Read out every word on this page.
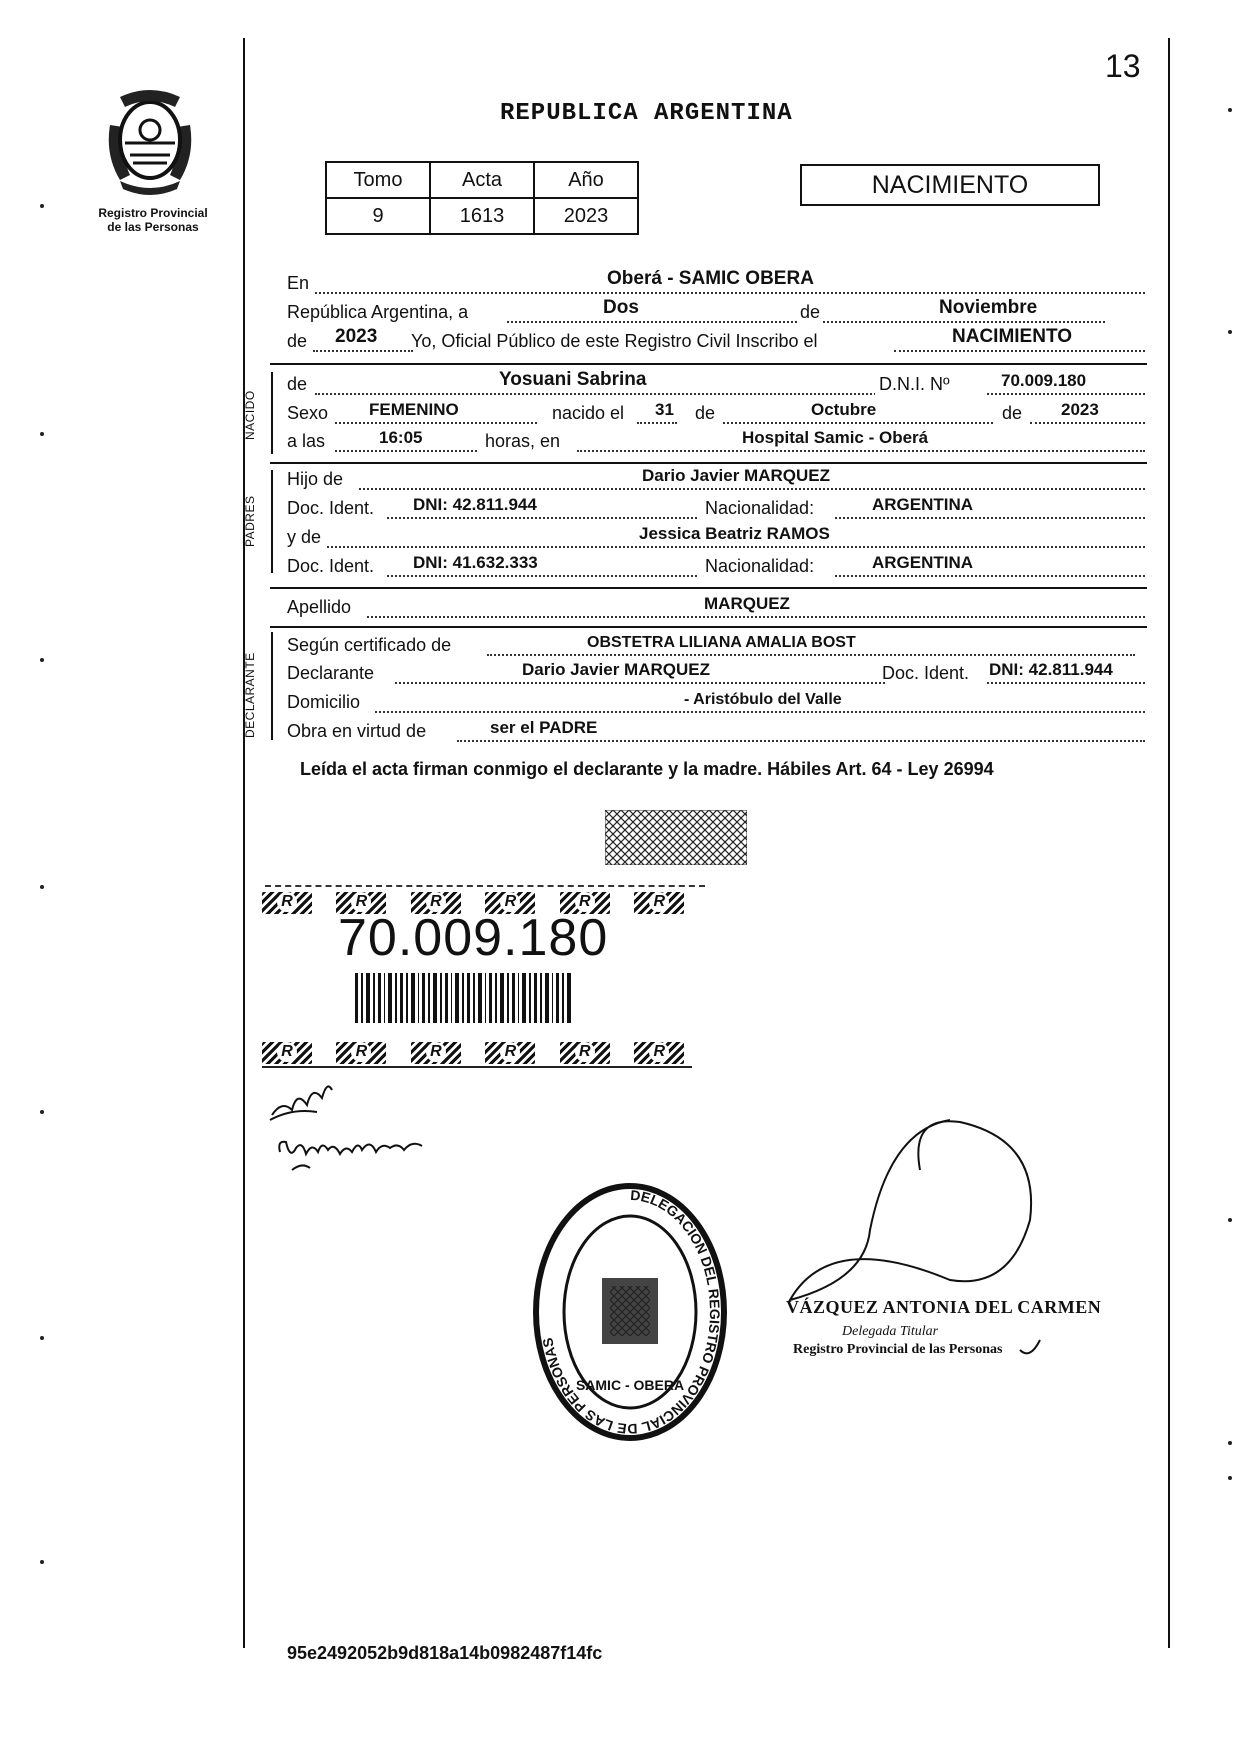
13
Registro Provincial
de las Personas
REPUBLICA ARGENTINA
Tomo	Acta	Año
9	1613	2023
NACIMIENTO
En	Oberá - SAMIC OBERA
República Argentina, a	Dos	de	Noviembre
de 2023 Yo, Oficial Público de este Registro Civil Inscribo el	NACIMIENTO
NACIDO
de	Yosuani Sabrina	D.N.I. Nº	70.009.180
Sexo FEMENINO	nacido el 31 de	Octubre	de 2023
a las	16:05	horas, en	Hospital Samic - Oberá
PADRES
Hijo de	Dario Javier MARQUEZ
Doc. Ident. DNI: 42.811.944	Nacionalidad:	ARGENTINA
y de	Jessica Beatriz RAMOS
Doc. Ident. DNI: 41.632.333	Nacionalidad:	ARGENTINA
Apellido	MARQUEZ
DECLARANTE
Según certificado de	OBSTETRA LILIANA AMALIA BOST
Declarante	Dario Javier MARQUEZ	Doc. Ident. DNI: 42.811.944
Domicilio	- Aristóbulo del Valle
Obra en virtud de	ser el PADRE
Leída el acta firman conmigo el declarante y la madre. Hábiles Art. 64 - Ley 26994
R
	R
	R
	R
	R
	R
70.009.180
R
	R
	R
	R
	R
	R
DELEGACION DEL REGISTRO PROVINCIAL DE LAS PERSONAS
SAMIC - OBERA
VÁZQUEZ ANTONIA DEL CARMEN
Delegada Titular
Registro Provincial de las Personas
95e2492052b9d818a14b0982487f14fc
